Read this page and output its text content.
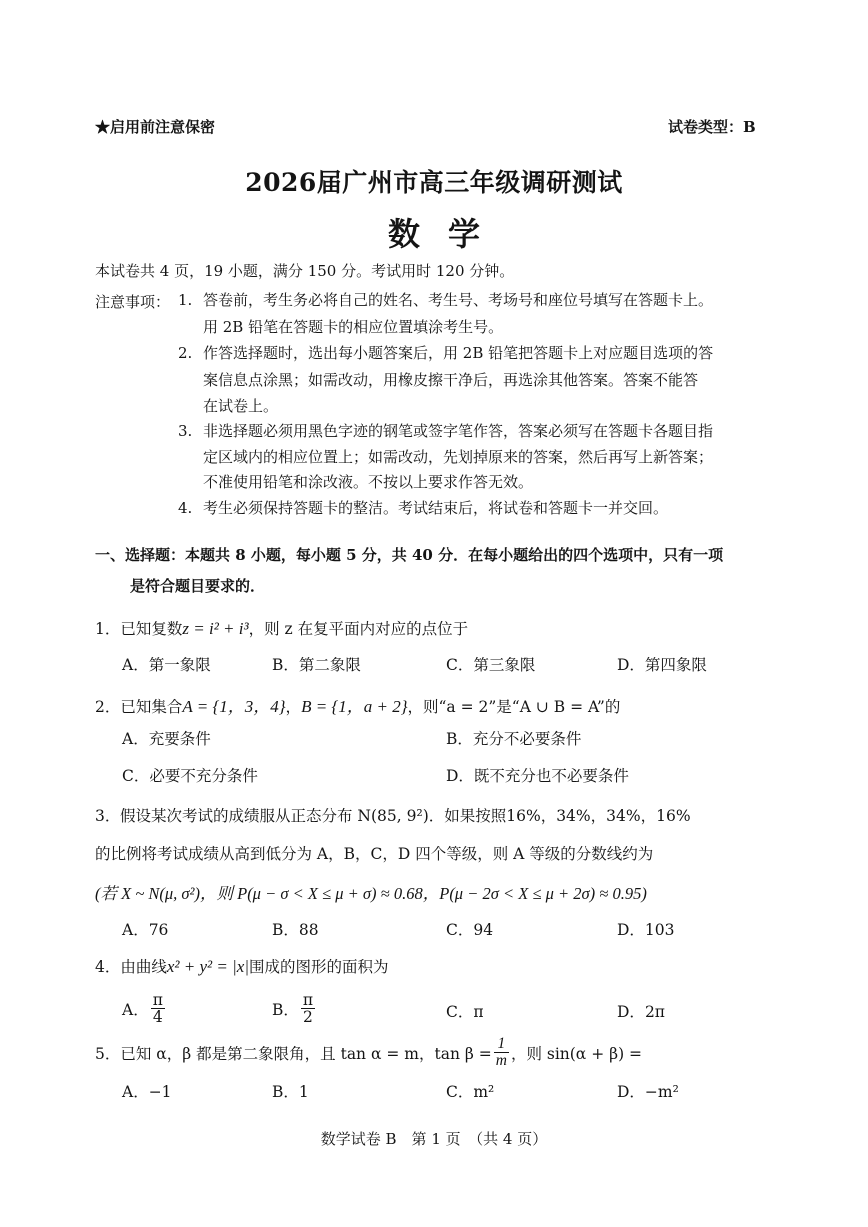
★启用前注意保密	试卷类型：B
2026届广州市高三年级调研测试
数学
本试卷共 4 页，19 小题，满分 150 分。考试用时 120 分钟。
注意事项： 1. 答卷前，考生务必将自己的姓名、考生号、考场号和座位号填写在答题卡上。
用 2B 铅笔在答题卡的相应位置填涂考生号。
2. 作答选择题时，选出每小题答案后，用 2B 铅笔把答题卡上对应题目选项的答
案信息点涂黑；如需改动，用橡皮擦干净后，再选涂其他答案。答案不能答
在试卷上。
3. 非选择题必须用黑色字迹的钢笔或签字笔作答，答案必须写在答题卡各题目指
定区域内的相应位置上；如需改动，先划掉原来的答案，然后再写上新答案；
不准使用铅笔和涂改液。不按以上要求作答无效。
4. 考生必须保持答题卡的整洁。考试结束后，将试卷和答题卡一并交回。
一、选择题：本题共 8 小题，每小题 5 分，共 40 分．在每小题给出的四个选项中，只有一项
是符合题目要求的．
1．已知复数z = i² + i³，则 z 在复平面内对应的点位于
A．第一象限	B．第二象限	C．第三象限	D．第四象限
2．已知集合A = {1，3，4}，B = {1，a + 2}，则“a = 2”是“A ∪ B = A”的
A．充要条件	B．充分不必要条件
C．必要不充分条件	D．既不充分也不必要条件
3． 假设某次考试的成绩服从正态分布 N(85, 9²)．如果按照16%，34%，34%，16%
的比例将考试成绩从高到低分为 A，B，C，D 四个等级，则 A 等级的分数线约为
(若 X ~ N(μ, σ²)，则 P(μ − σ < X ≤ μ + σ) ≈ 0.68，P(μ − 2σ < X ≤ μ + 2σ) ≈ 0.95)
A．76	B．88	C．94	D．103
4．由曲线x² + y² = |x|围成的图形的面积为
A． $\frac{\pi}{4}$	B． $\frac{\pi}{2}$	C．π	D．2π
5．已知 α，β 都是第二象限角，且 tan α = m，$\tan \beta = \frac{1}{m}$ ，则 sin(α + β) =
A．−1	B．1	C．m²	D．−m²
数学试卷 B　第 1 页　（共 4 页）
